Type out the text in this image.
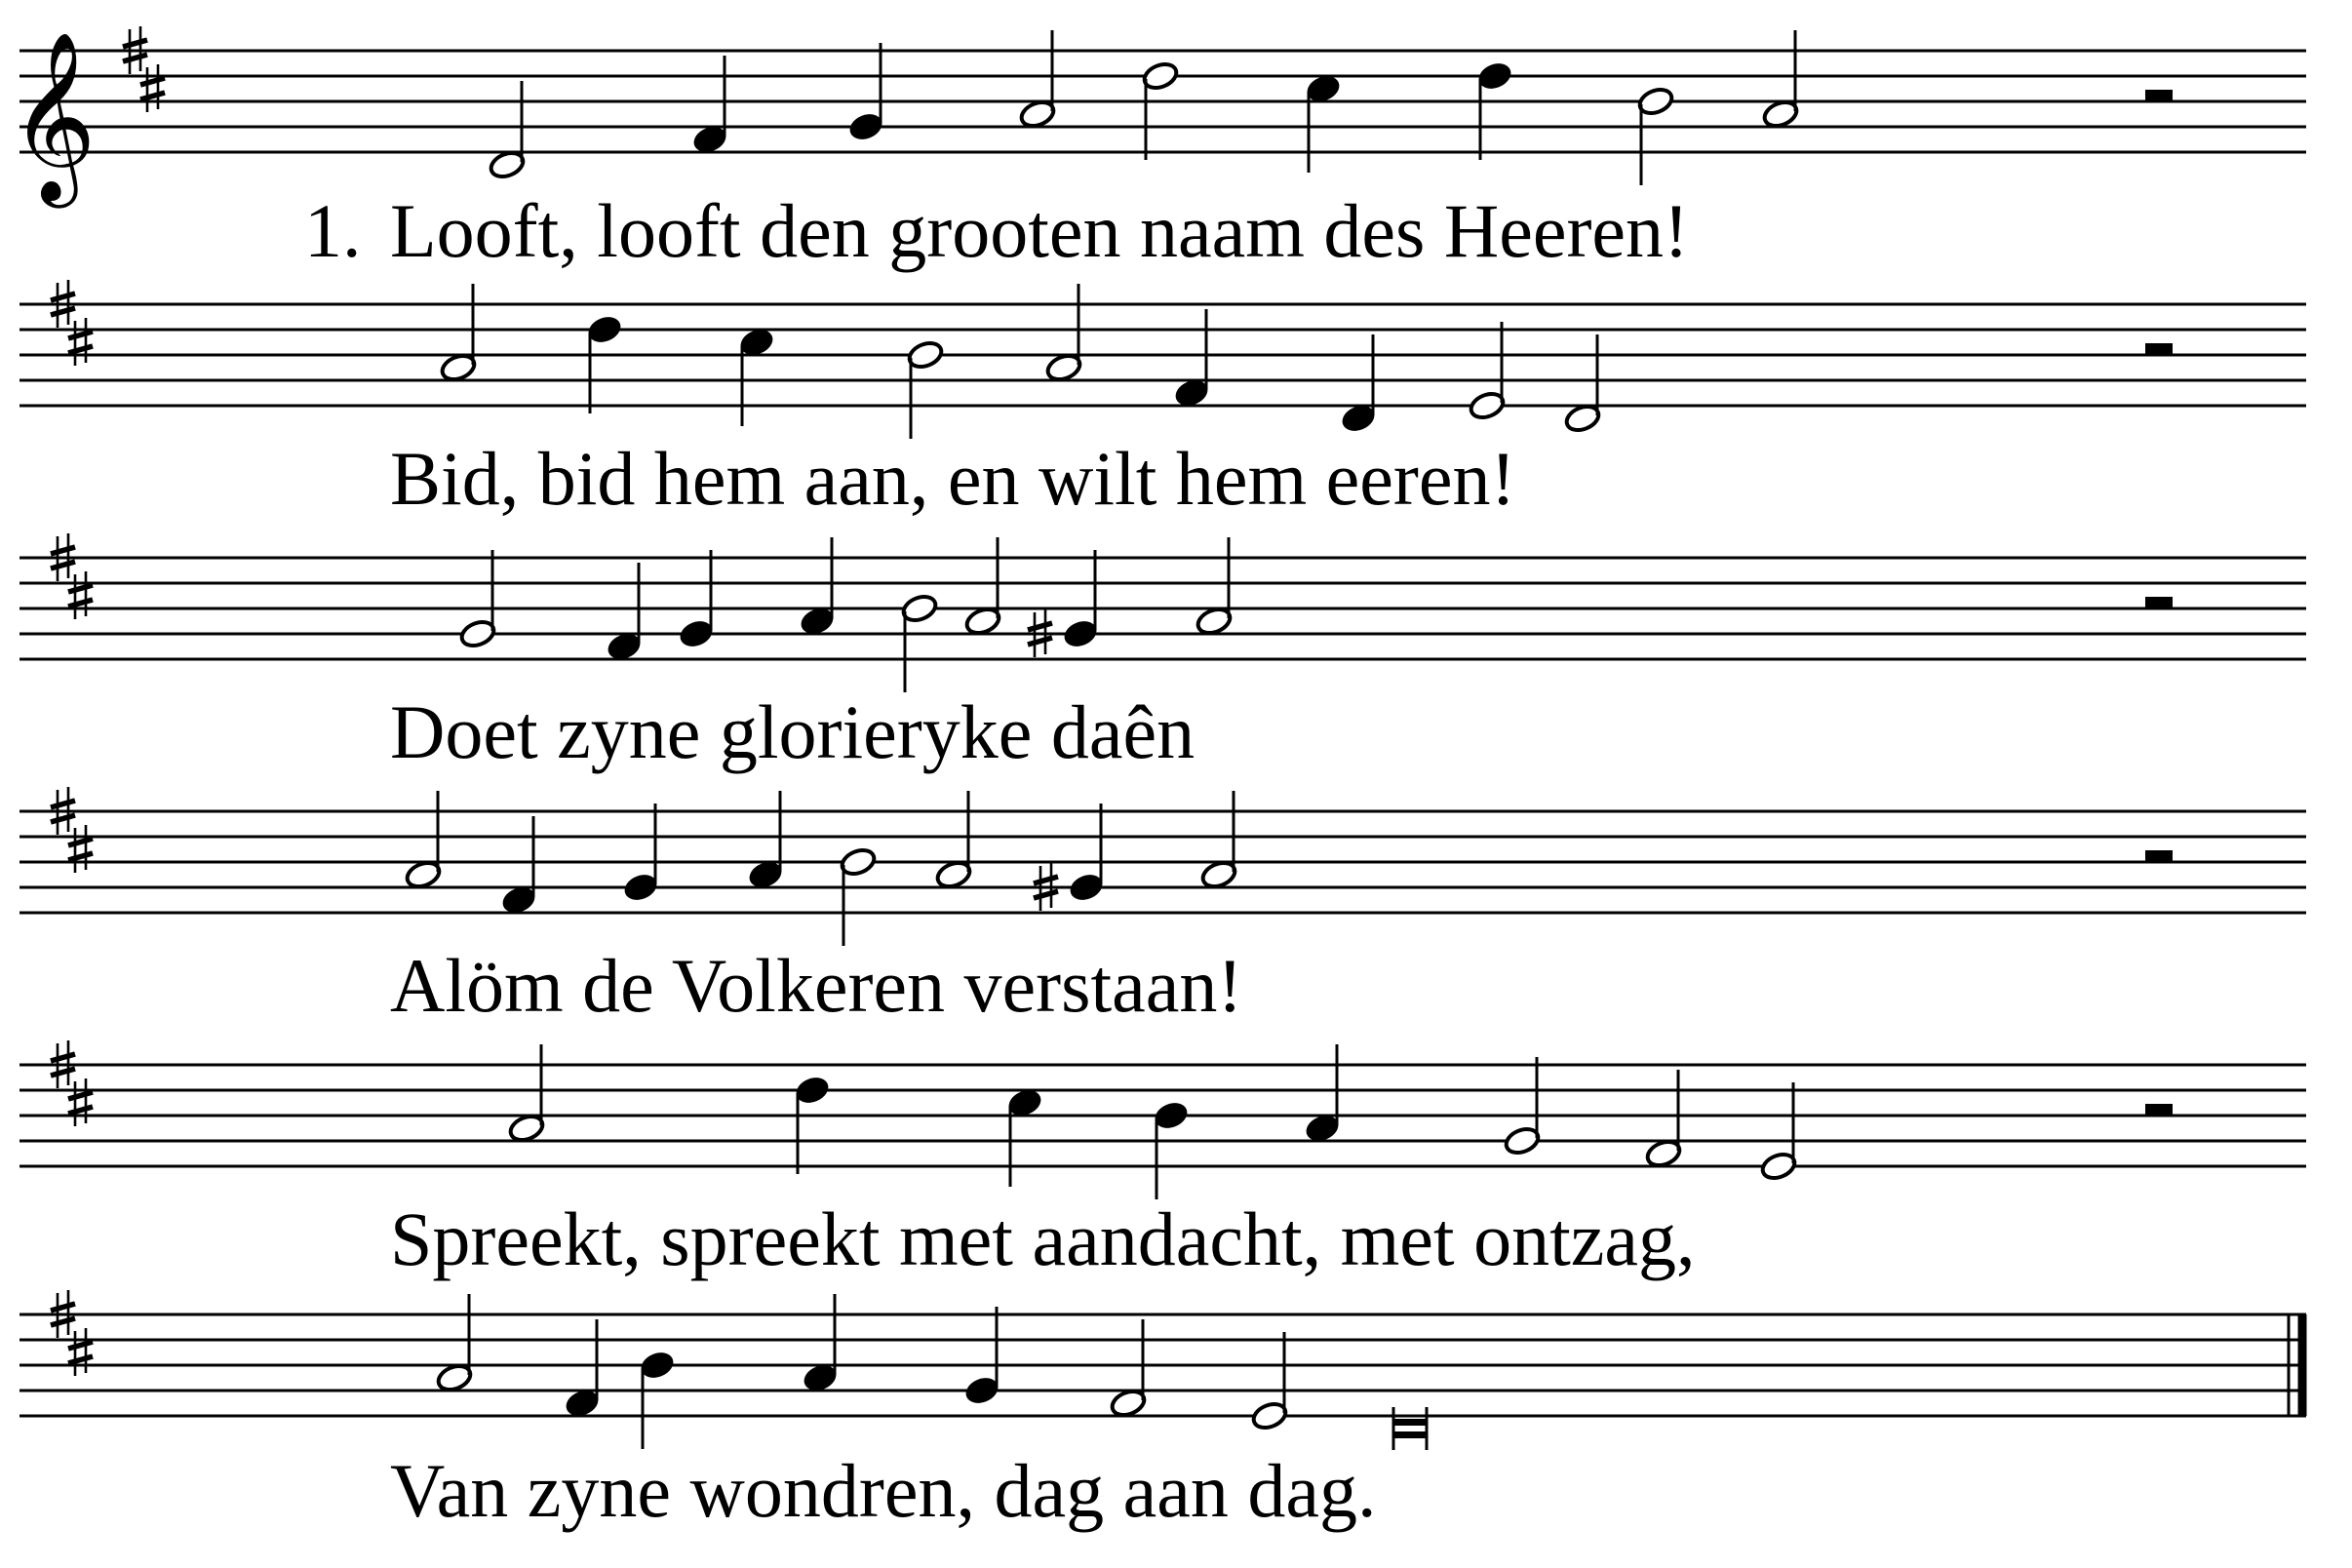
𝄞
1. Looft, looft den grooten naam des Heeren!
Bid, bid hem aan, en wilt hem eeren!
Doet zyne glorieryke daên
Alöm de Volkeren verstaan!
Spreekt, spreekt met aandacht, met ontzag,
Van zyne wondren, dag aan dag.
